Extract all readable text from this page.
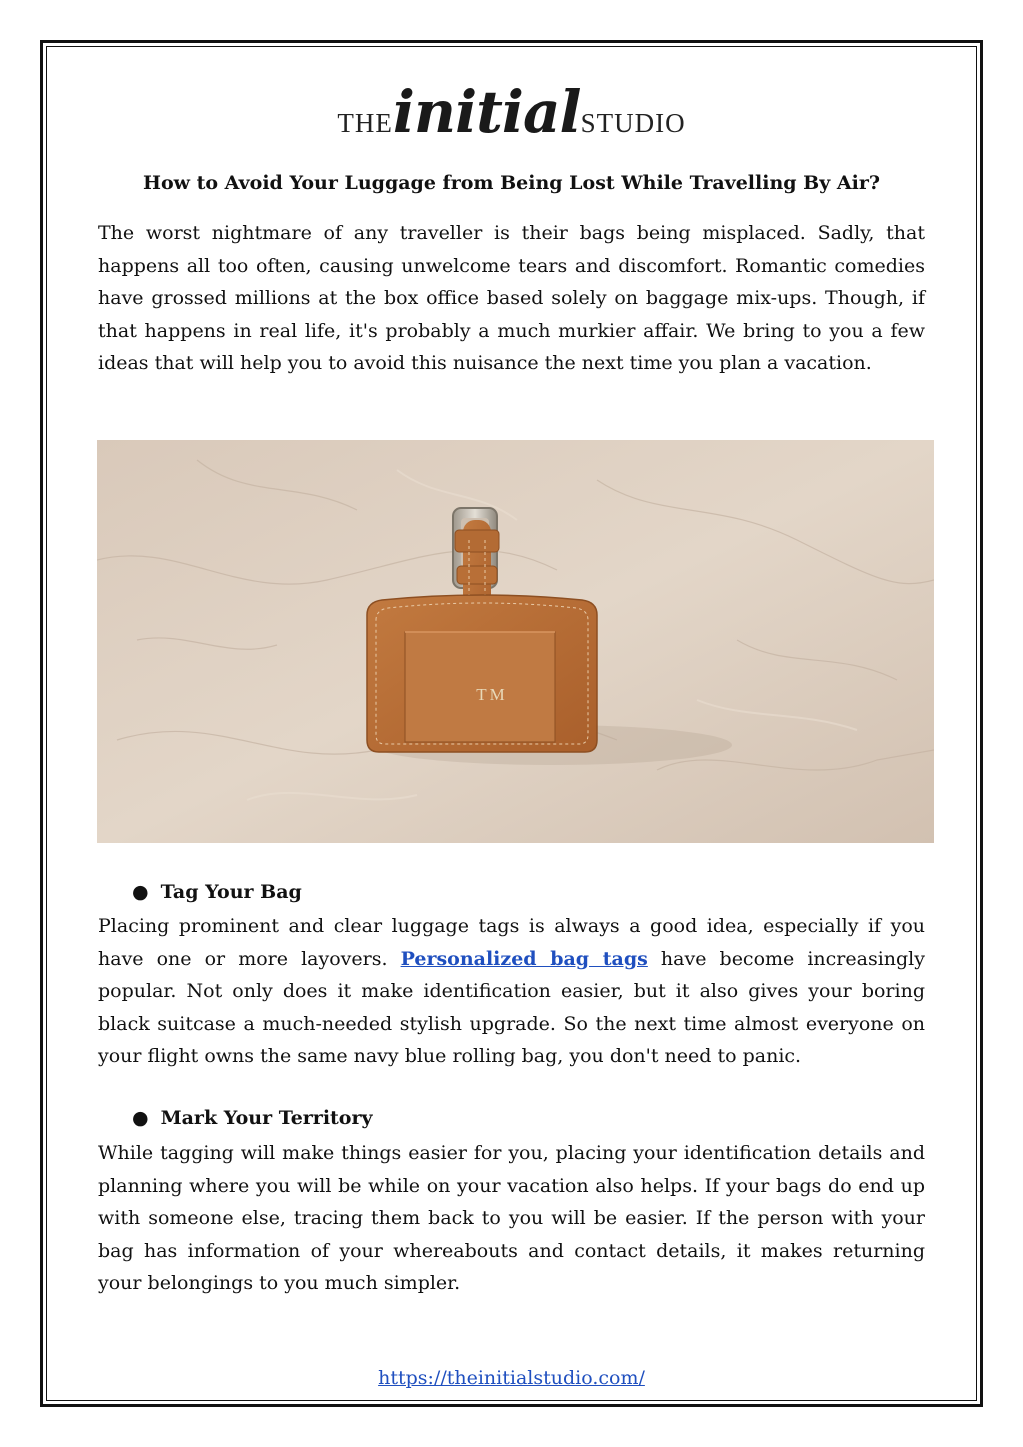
THEinitialSTUDIO
How to Avoid Your Luggage from Being Lost While Travelling By Air?

The worst nightmare of any traveller is their bags being misplaced. Sadly, that happens all too often, causing unwelcome tears and discomfort. Romantic comedies have grossed millions at the box office based solely on baggage mix-ups. Though, if that happens in real life, it's probably a much murkier affair. We bring to you a few ideas that will help you to avoid this nuisance the next time you plan a vacation.

TM
● Tag Your Bag

Placing prominent and clear luggage tags is always a good idea, especially if you have one or more layovers. Personalized bag tags have become increasingly popular. Not only does it make identification easier, but it also gives your boring black suitcase a much-needed stylish upgrade. So the next time almost everyone on your flight owns the same navy blue rolling bag, you don't need to panic.

● Mark Your Territory

While tagging will make things easier for you, placing your identification details and planning where you will be while on your vacation also helps. If your bags do end up with someone else, tracing them back to you will be easier. If the person with your bag has information of your whereabouts and contact details, it makes returning your belongings to you much simpler.

https://theinitialstudio.com/
